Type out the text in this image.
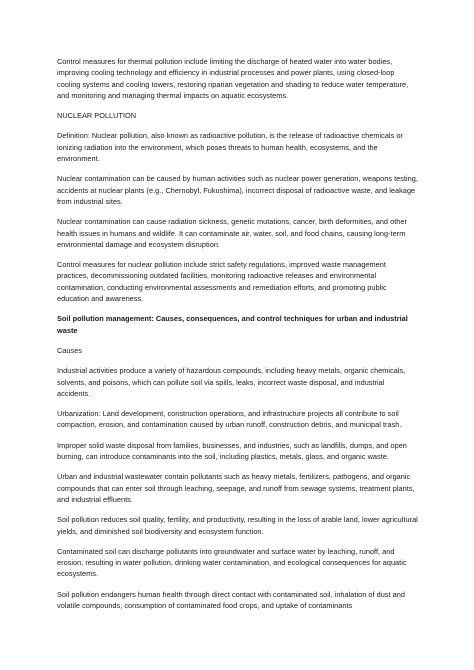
Control measures for thermal pollution include limiting the discharge of heated water into water bodies, improving cooling technology and efficiency in industrial processes and power plants, using closed-loop cooling systems and cooling towers, restoring riparian vegetation and shading to reduce water temperature, and monitoring and managing thermal impacts on aquatic ecosystems.

NUCLEAR POLLUTION

Definition: Nuclear pollution, also known as radioactive pollution, is the release of radioactive chemicals or ionizing radiation into the environment, which poses threats to human health, ecosystems, and the environment.

Nuclear contamination can be caused by human activities such as nuclear power generation, weapons testing, accidents at nuclear plants (e.g., Chernobyl, Fukushima), incorrect disposal of radioactive waste, and leakage from industrial sites.

Nuclear contamination can cause radiation sickness, genetic mutations, cancer, birth deformities, and other health issues in humans and wildlife. It can contaminate air, water, soil, and food chains, causing long-term environmental damage and ecosystem disruption.

Control measures for nuclear pollution include strict safety regulations, improved waste management practices, decommissioning outdated facilities, monitoring radioactive releases and environmental contamination, conducting environmental assessments and remediation efforts, and promoting public education and awareness.

Soil pollution management: Causes, consequences, and control techniques for urban and industrial waste

Causes

Industrial activities produce a variety of hazardous compounds, including heavy metals, organic chemicals, solvents, and poisons, which can pollute soil via spills, leaks, incorrect waste disposal, and industrial accidents.

Urbanization: Land development, construction operations, and infrastructure projects all contribute to soil compaction, erosion, and contamination caused by urban runoff, construction debris, and municipal trash.

Improper solid waste disposal from families, businesses, and industries, such as landfills, dumps, and open burning, can introduce contaminants into the soil, including plastics, metals, glass, and organic waste.

Urban and industrial wastewater contain pollutants such as heavy metals, fertilizers, pathogens, and organic compounds that can enter soil through leaching, seepage, and runoff from sewage systems, treatment plants, and industrial effluents.

Soil pollution reduces soil quality, fertility, and productivity, resulting in the loss of arable land, lower agricultural yields, and diminished soil biodiversity and ecosystem function.

Contaminated soil can discharge pollutants into groundwater and surface water by leaching, runoff, and erosion, resulting in water pollution, drinking water contamination, and ecological consequences for aquatic ecosystems.

Soil pollution endangers human health through direct contact with contaminated soil, inhalation of dust and volatile compounds, consumption of contaminated food crops, and uptake of contaminants
